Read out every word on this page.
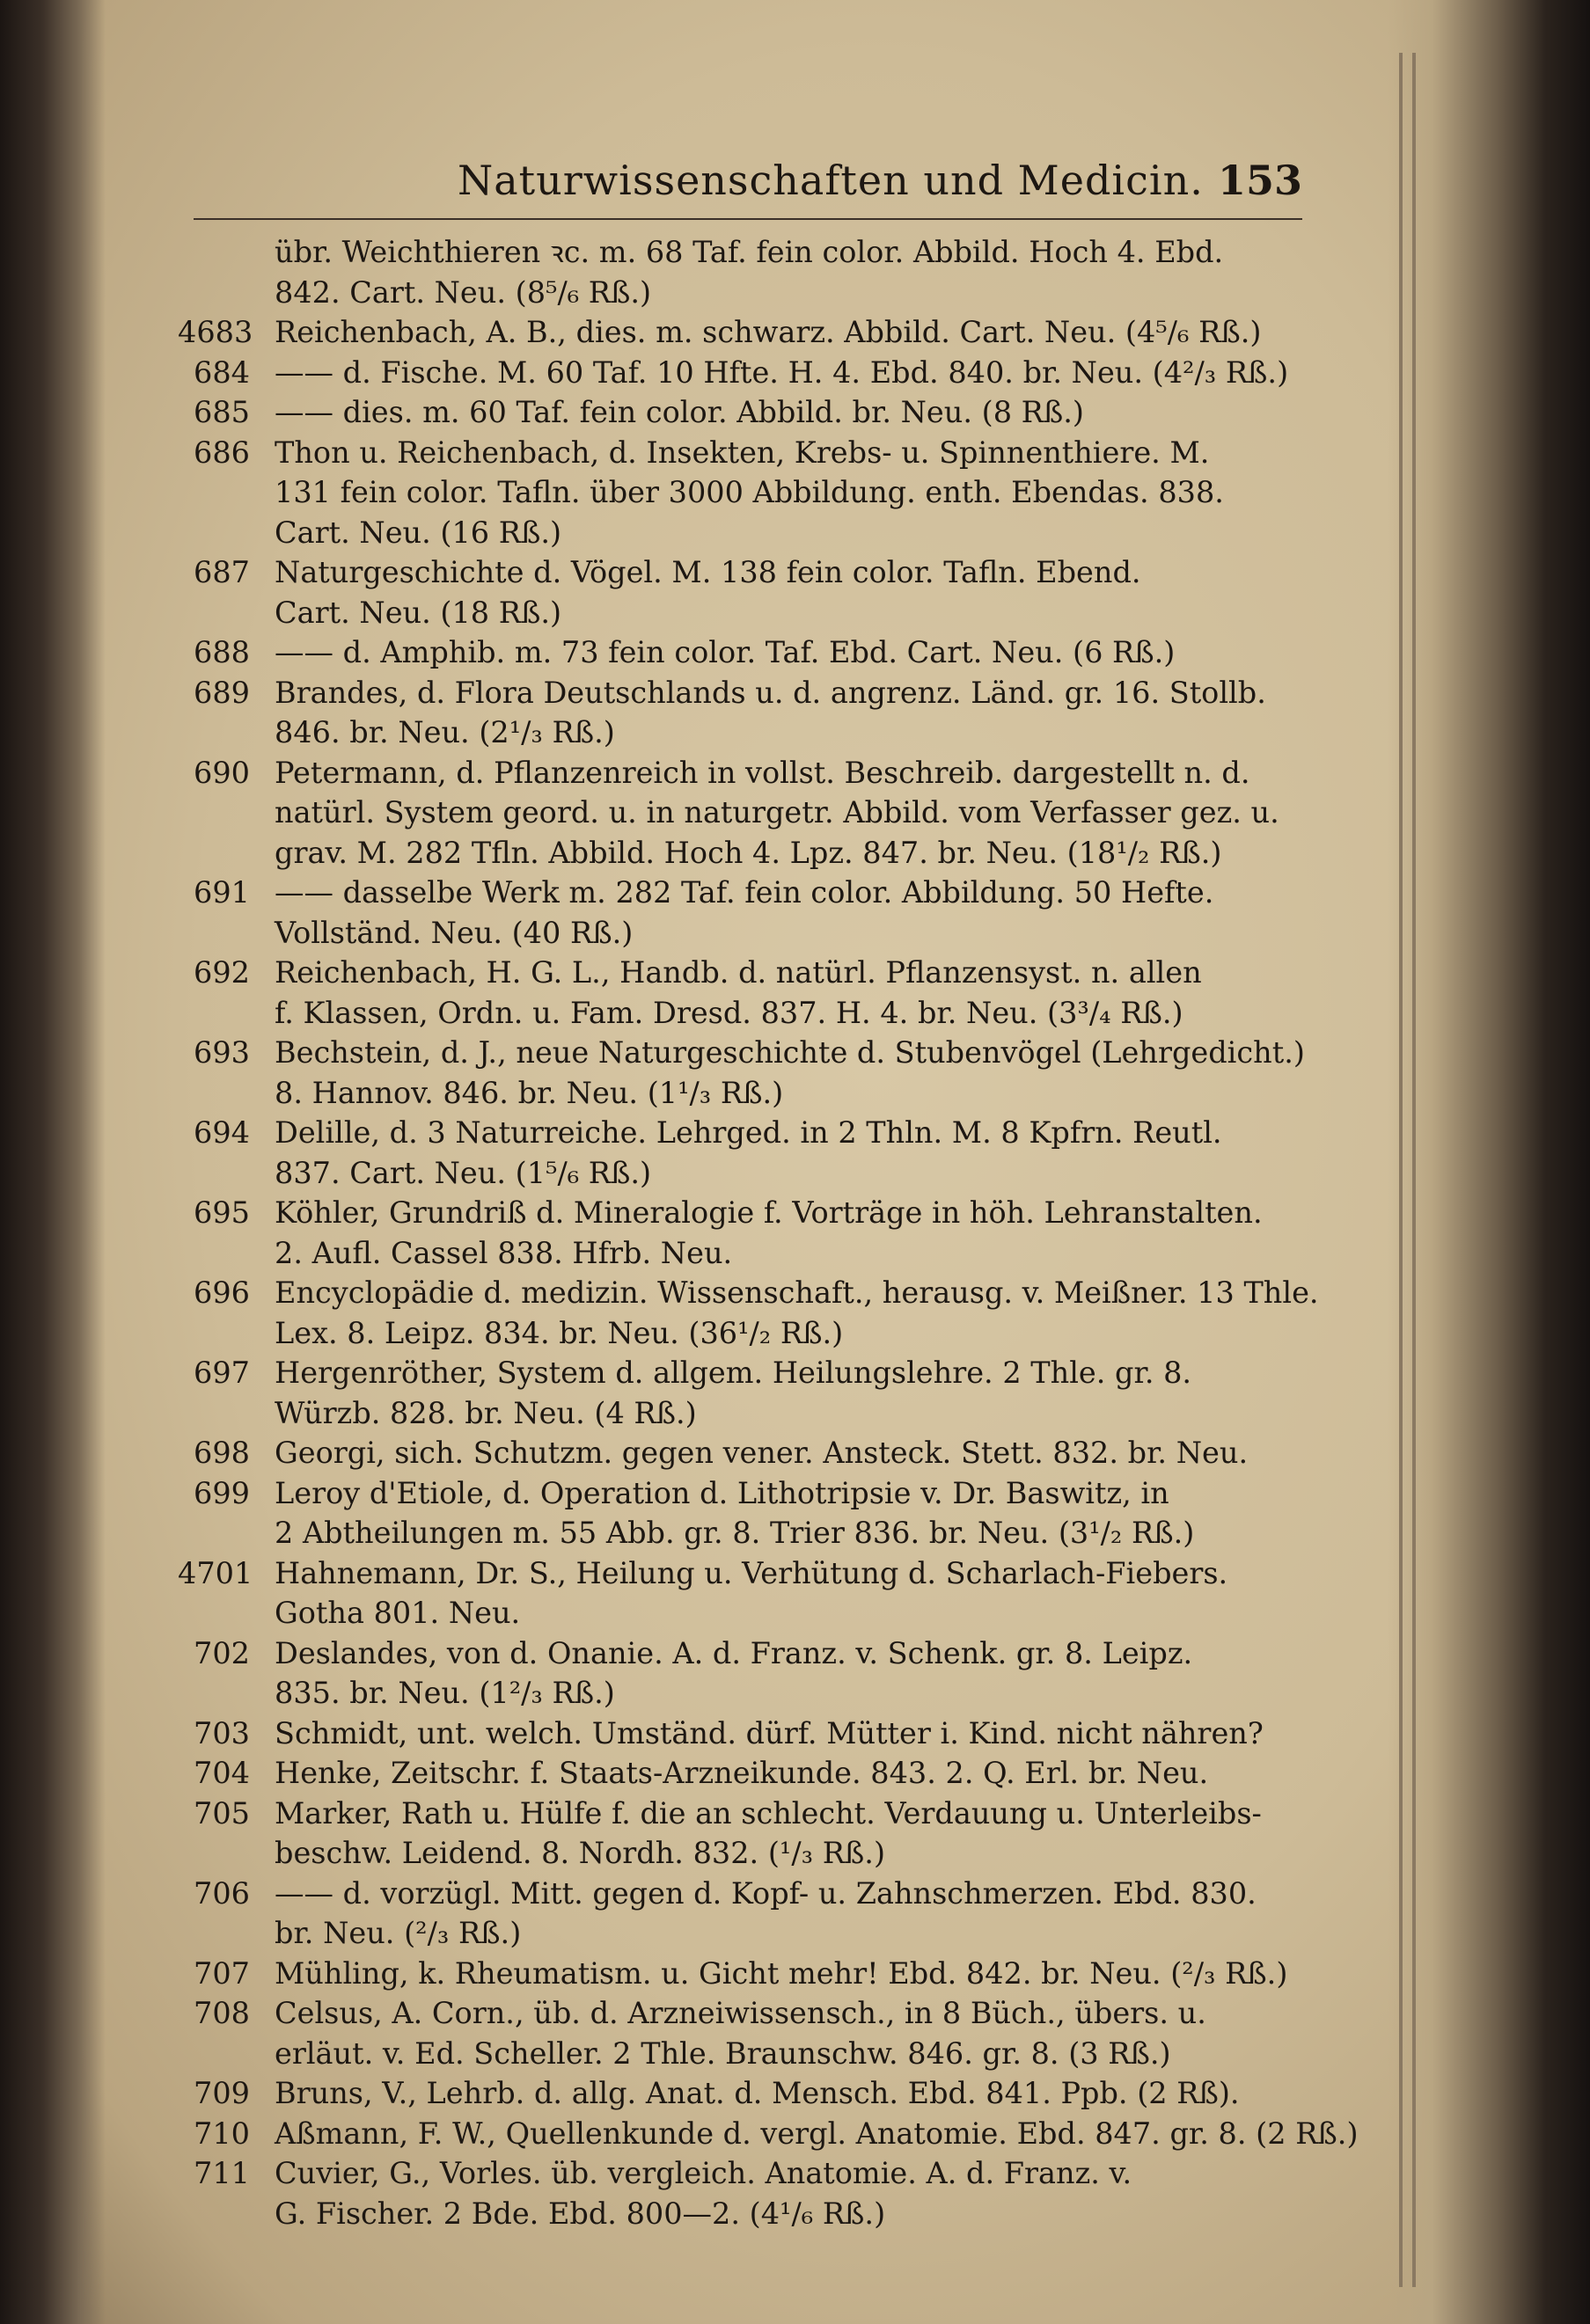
Naturwissenschaften und Medicin. 153
übr. Weichthieren ꝛc. m. 68 Taf. fein color. Abbild. Hoch 4. Ebd.
842. Cart. Neu. (8⁵/₆ Rß.)
4683 Reichenbach, A. B., dies. m. schwarz. Abbild. Cart. Neu. (4⁵/₆ Rß.)
684 —— d. Fische. M. 60 Taf. 10 Hfte. H. 4. Ebd. 840. br. Neu. (4²/₃ Rß.)
685 —— dies. m. 60 Taf. fein color. Abbild. br. Neu. (8 Rß.)
686 Thon u. Reichenbach, d. Insekten, Krebs- u. Spinnenthiere. M.
131 fein color. Tafln. über 3000 Abbildung. enth. Ebendas. 838.
Cart. Neu. (16 Rß.)
687 Naturgeschichte d. Vögel. M. 138 fein color. Tafln. Ebend.
Cart. Neu. (18 Rß.)
688 —— d. Amphib. m. 73 fein color. Taf. Ebd. Cart. Neu. (6 Rß.)
689 Brandes, d. Flora Deutschlands u. d. angrenz. Länd. gr. 16. Stollb.
846. br. Neu. (2¹/₃ Rß.)
690 Petermann, d. Pflanzenreich in vollst. Beschreib. dargestellt n. d.
natürl. System geord. u. in naturgetr. Abbild. vom Verfasser gez. u.
grav. M. 282 Tfln. Abbild. Hoch 4. Lpz. 847. br. Neu. (18¹/₂ Rß.)
691 —— dasselbe Werk m. 282 Taf. fein color. Abbildung. 50 Hefte.
Vollständ. Neu. (40 Rß.)
692 Reichenbach, H. G. L., Handb. d. natürl. Pflanzensyst. n. allen
f. Klassen, Ordn. u. Fam. Dresd. 837. H. 4. br. Neu. (3³/₄ Rß.)
693 Bechstein, d. J., neue Naturgeschichte d. Stubenvögel (Lehrgedicht.)
8. Hannov. 846. br. Neu. (1¹/₃ Rß.)
694 Delille, d. 3 Naturreiche. Lehrged. in 2 Thln. M. 8 Kpfrn. Reutl.
837. Cart. Neu. (1⁵/₆ Rß.)
695 Köhler, Grundriß d. Mineralogie f. Vorträge in höh. Lehranstalten.
2. Aufl. Cassel 838. Hfrb. Neu.
696 Encyclopädie d. medizin. Wissenschaft., herausg. v. Meißner. 13 Thle.
Lex. 8. Leipz. 834. br. Neu. (36¹/₂ Rß.)
697 Hergenröther, System d. allgem. Heilungslehre. 2 Thle. gr. 8.
Würzb. 828. br. Neu. (4 Rß.)
698 Georgi, sich. Schutzm. gegen vener. Ansteck. Stett. 832. br. Neu.
699 Leroy d'Etiole, d. Operation d. Lithotripsie v. Dr. Baswitz, in
2 Abtheilungen m. 55 Abb. gr. 8. Trier 836. br. Neu. (3¹/₂ Rß.)
4701 Hahnemann, Dr. S., Heilung u. Verhütung d. Scharlach-Fiebers.
Gotha 801. Neu.
702 Deslandes, von d. Onanie. A. d. Franz. v. Schenk. gr. 8. Leipz.
835. br. Neu. (1²/₃ Rß.)
703 Schmidt, unt. welch. Umständ. dürf. Mütter i. Kind. nicht nähren?
704 Henke, Zeitschr. f. Staats-Arzneikunde. 843. 2. Q. Erl. br. Neu.
705 Marker, Rath u. Hülfe f. die an schlecht. Verdauung u. Unterleibs-
beschw. Leidend. 8. Nordh. 832. (¹/₃ Rß.)
706 —— d. vorzügl. Mitt. gegen d. Kopf- u. Zahnschmerzen. Ebd. 830.
br. Neu. (²/₃ Rß.)
707 Mühling, k. Rheumatism. u. Gicht mehr! Ebd. 842. br. Neu. (²/₃ Rß.)
708 Celsus, A. Corn., üb. d. Arzneiwissensch., in 8 Büch., übers. u.
erläut. v. Ed. Scheller. 2 Thle. Braunschw. 846. gr. 8. (3 Rß.)
709 Bruns, V., Lehrb. d. allg. Anat. d. Mensch. Ebd. 841. Ppb. (2 Rß).
710 Aßmann, F. W., Quellenkunde d. vergl. Anatomie. Ebd. 847. gr. 8. (2 Rß.)
711 Cuvier, G., Vorles. üb. vergleich. Anatomie. A. d. Franz. v.
G. Fischer. 2 Bde. Ebd. 800—2. (4¹/₆ Rß.)
